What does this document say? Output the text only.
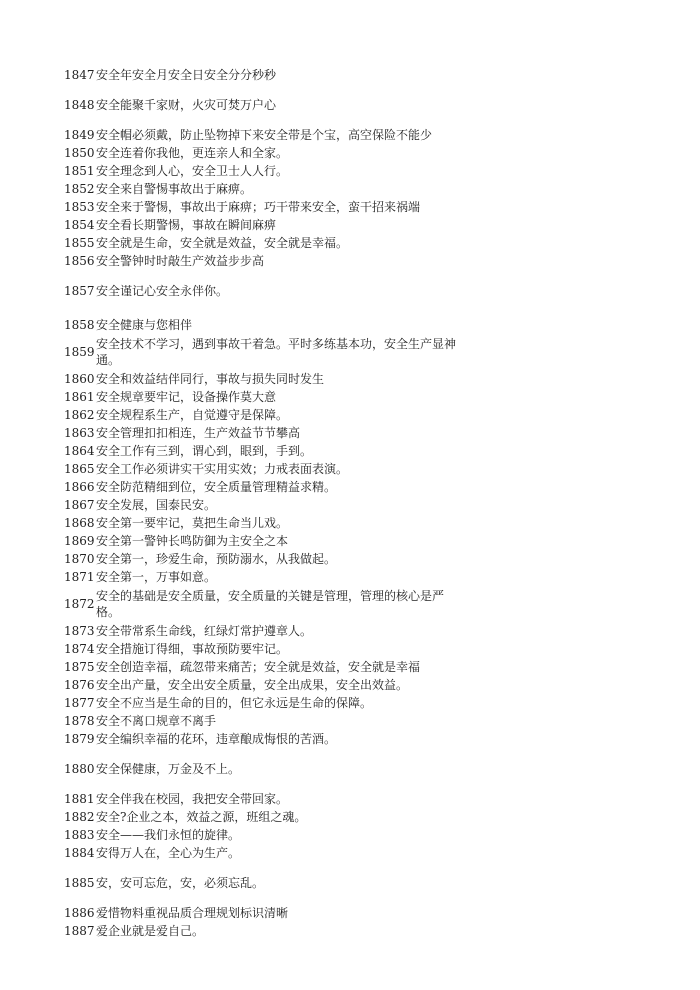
1847 安全年安全月安全日安全分分秒秒
1848 安全能聚千家财，火灾可焚万户心
1849 安全帽必须戴，防止坠物掉下来安全带是个宝，高空保险不能少
1850 安全连着你我他，更连亲人和全家。
1851 安全理念到人心，安全卫士人人行。
1852 安全来自警惕事故出于麻痹。
1853 安全来于警惕，事故出于麻痹；巧干带来安全，蛮干招来祸端
1854 安全看长期警惕，事故在瞬间麻痹
1855 安全就是生命，安全就是效益，安全就是幸福。
1856 安全警钟时时敲生产效益步步高
1857 安全谨记心安全永伴你。
1858 安全健康与您相伴
1859
安全技术不学习，遇到事故干着急。平时多练基本功，安全生产显神通。
1860 安全和效益结伴同行，事故与损失同时发生
1861 安全规章要牢记，设备操作莫大意
1862 安全规程系生产，自觉遵守是保障。
1863 安全管理扣扣相连，生产效益节节攀高
1864 安全工作有三到，谓心到，眼到，手到。
1865 安全工作必须讲实干实用实效；力戒表面表演。
1866 安全防范精细到位，安全质量管理精益求精。
1867 安全发展，国泰民安。
1868 安全第一要牢记，莫把生命当儿戏。
1869 安全第一警钟长鸣防御为主安全之本
1870 安全第一，珍爱生命，预防溺水，从我做起。
1871 安全第一，万事如意。
1872
安全的基础是安全质量，安全质量的关键是管理，管理的核心是严格。
1873 安全带常系生命线，红绿灯常护遵章人。
1874 安全措施订得细，事故预防要牢记。
1875 安全创造幸福，疏忽带来痛苦；安全就是效益，安全就是幸福
1876 安全出产量，安全出安全质量，安全出成果，安全出效益。
1877 安全不应当是生命的目的，但它永远是生命的保障。
1878 安全不离口规章不离手
1879 安全编织幸福的花环，违章酿成悔恨的苦酒。
1880 安全保健康，万金及不上。
1881 安全伴我在校园，我把安全带回家。
1882 安全?企业之本，效益之源，班组之魂。
1883 安全——我们永恒的旋律。
1884 安得万人在，全心为生产。
1885 安，安可忘危，安，必须忘乱。
1886 爱惜物料重视品质合理规划标识清晰
1887 爱企业就是爱自己。
